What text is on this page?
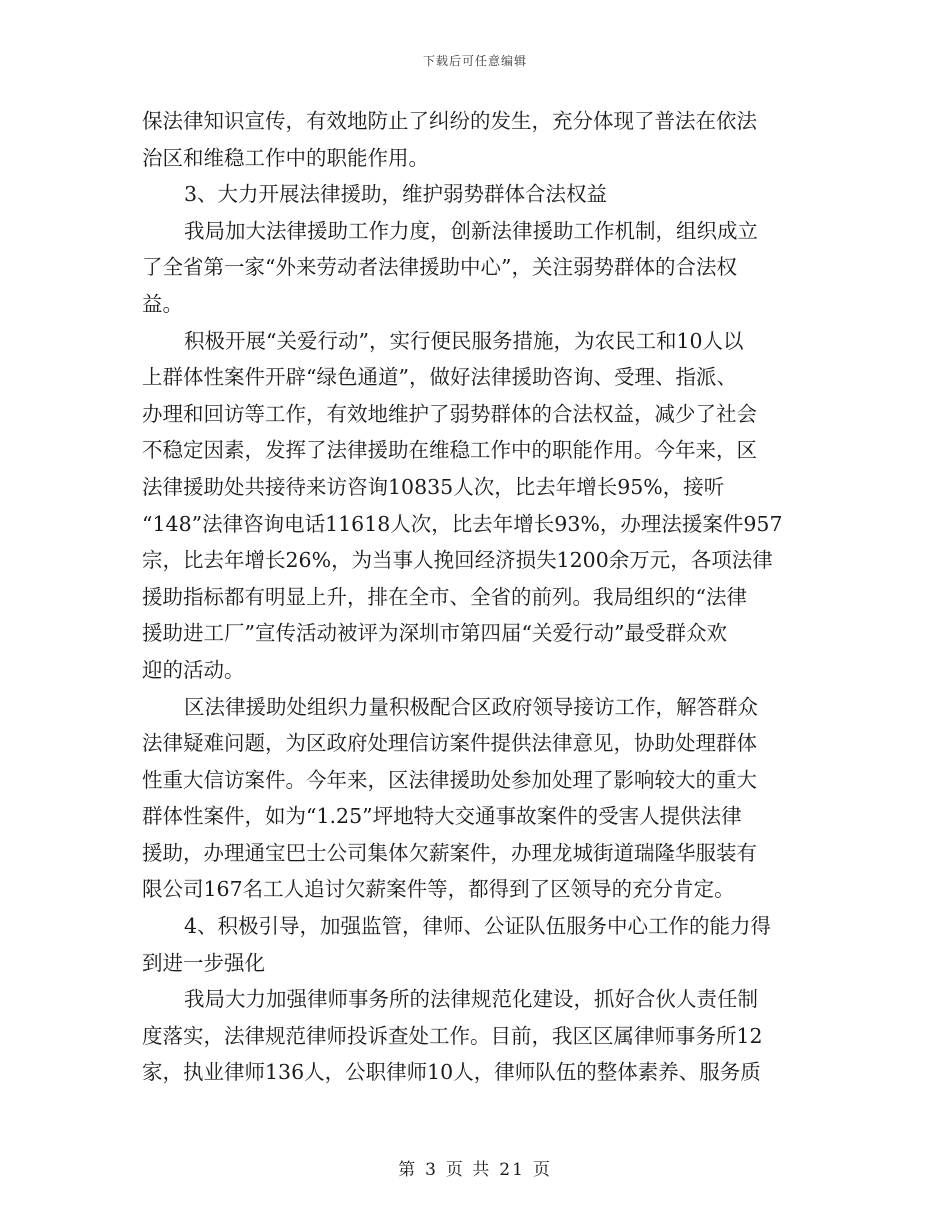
下载后可任意编辑
保法律知识宣传，有效地防止了纠纷的发生，充分体现了普法在依法
治区和维稳工作中的职能作用。
3、大力开展法律援助，维护弱势群体合法权益
我局加大法律援助工作力度，创新法律援助工作机制，组织成立
了全省第一家“外来劳动者法律援助中心”，关注弱势群体的合法权
益。
积极开展“关爱行动”，实行便民服务措施，为农民工和10人以
上群体性案件开辟“绿色通道”，做好法律援助咨询、受理、指派、
办理和回访等工作，有效地维护了弱势群体的合法权益，减少了社会
不稳定因素，发挥了法律援助在维稳工作中的职能作用。今年来，区
法律援助处共接待来访咨询10835人次，比去年增长95%，接听
“148”法律咨询电话11618人次，比去年增长93%，办理法援案件957
宗，比去年增长26%，为当事人挽回经济损失1200余万元，各项法律
援助指标都有明显上升，排在全市、全省的前列。我局组织的“法律
援助进工厂”宣传活动被评为深圳市第四届“关爱行动”最受群众欢
迎的活动。
区法律援助处组织力量积极配合区政府领导接访工作，解答群众
法律疑难问题，为区政府处理信访案件提供法律意见，协助处理群体
性重大信访案件。今年来，区法律援助处参加处理了影响较大的重大
群体性案件，如为“1.25”坪地特大交通事故案件的受害人提供法律
援助，办理通宝巴士公司集体欠薪案件，办理龙城街道瑞隆华服装有
限公司167名工人追讨欠薪案件等，都得到了区领导的充分肯定。
4、积极引导，加强监管，律师、公证队伍服务中心工作的能力得
到进一步强化
我局大力加强律师事务所的法律规范化建设，抓好合伙人责任制
度落实，法律规范律师投诉查处工作。目前，我区区属律师事务所12
家，执业律师136人，公职律师10人，律师队伍的整体素养、服务质
第 3 页 共 21 页
